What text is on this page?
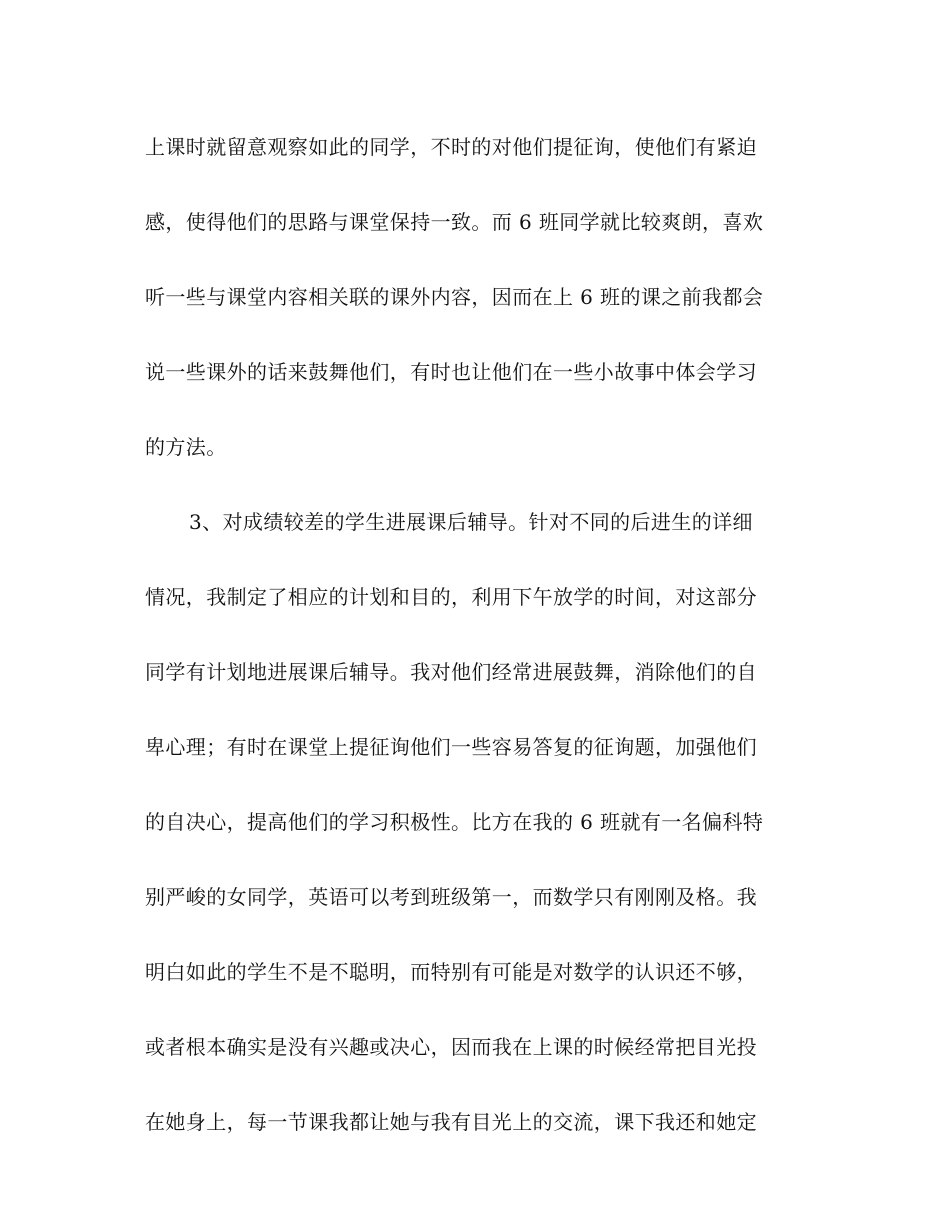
上课时就留意观察如此的同学，不时的对他们提征询，使他们有紧迫
感，使得他们的思路与课堂保持一致。而 6 班同学就比较爽朗，喜欢
听一些与课堂内容相关联的课外内容，因而在上 6 班的课之前我都会
说一些课外的话来鼓舞他们，有时也让他们在一些小故事中体会学习
的方法。
3、对成绩较差的学生进展课后辅导。针对不同的后进生的详细
情况，我制定了相应的计划和目的，利用下午放学的时间，对这部分
同学有计划地进展课后辅导。我对他们经常进展鼓舞，消除他们的自
卑心理；有时在课堂上提征询他们一些容易答复的征询题，加强他们
的自决心，提高他们的学习积极性。比方在我的 6 班就有一名偏科特
别严峻的女同学，英语可以考到班级第一，而数学只有刚刚及格。我
明白如此的学生不是不聪明，而特别有可能是对数学的认识还不够，
或者根本确实是没有兴趣或决心，因而我在上课的时候经常把目光投
在她身上，每一节课我都让她与我有目光上的交流，课下我还和她定
